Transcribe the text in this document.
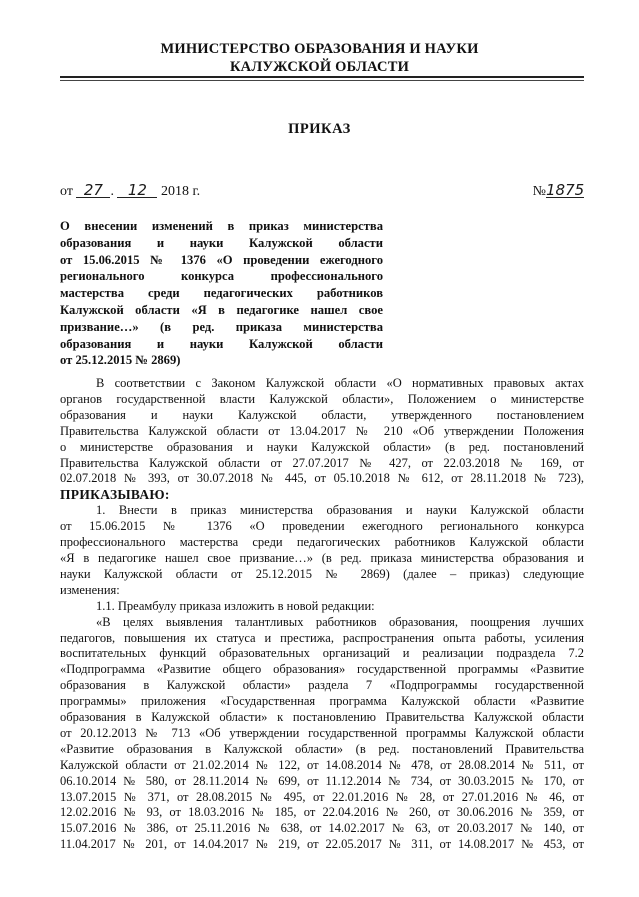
МИНИСТЕРСТВО ОБРАЗОВАНИЯ И НАУКИ
КАЛУЖСКОЙ ОБЛАСТИ
ПРИКАЗ
от 27 . 12 2018 г.	№1875
О внесении изменений в приказ министерства
образования и науки Калужской области
от 15.06.2015 № 1376 «О проведении ежегодного
регионального конкурса профессионального
мастерства среди педагогических работников
Калужской области «Я в педагогике нашел свое
призвание…» (в ред. приказа министерства
образования и науки Калужской области
от 25.12.2015 № 2869)
В соответствии с Законом Калужской области «О нормативных правовых актах
органов государственной власти Калужской области», Положением о министерстве
образования и науки Калужской области, утвержденного постановлением
Правительства Калужской области от 13.04.2017 № 210 «Об утверждении Положения
о министерстве образования и науки Калужской области» (в ред. постановлений
Правительства Калужской области от 27.07.2017 № 427, от 22.03.2018 № 169, от
02.07.2018 № 393, от 30.07.2018 № 445, от 05.10.2018 № 612, от 28.11.2018 № 723),
ПРИКАЗЫВАЮ:
1. Внести в приказ министерства образования и науки Калужской области
от 15.06.2015 № 1376 «О проведении ежегодного регионального конкурса
профессионального мастерства среди педагогических работников Калужской области
«Я в педагогике нашел свое призвание…» (в ред. приказа министерства образования и
науки Калужской области от 25.12.2015 № 2869) (далее – приказ) следующие
изменения:
1.1. Преамбулу приказа изложить в новой редакции:
«В целях выявления талантливых работников образования, поощрения лучших
педагогов, повышения их статуса и престижа, распространения опыта работы, усиления
воспитательных функций образовательных организаций и реализации подраздела 7.2
«Подпрограмма «Развитие общего образования» государственной программы «Развитие
образования в Калужской области» раздела 7 «Подпрограммы государственной
программы» приложения «Государственная программа Калужской области «Развитие
образования в Калужской области» к постановлению Правительства Калужской области
от 20.12.2013 № 713 «Об утверждении государственной программы Калужской области
«Развитие образования в Калужской области» (в ред. постановлений Правительства
Калужской области от 21.02.2014 № 122, от 14.08.2014 № 478, от 28.08.2014 № 511, от
06.10.2014 № 580, от 28.11.2014 № 699, от 11.12.2014 № 734, от 30.03.2015 № 170, от
13.07.2015 № 371, от 28.08.2015 № 495, от 22.01.2016 № 28, от 27.01.2016 № 46, от
12.02.2016 № 93, от 18.03.2016 № 185, от 22.04.2016 № 260, от 30.06.2016 № 359, от
15.07.2016 № 386, от 25.11.2016 № 638, от 14.02.2017 № 63, от 20.03.2017 № 140, от
11.04.2017 № 201, от 14.04.2017 № 219, от 22.05.2017 № 311, от 14.08.2017 № 453, от
